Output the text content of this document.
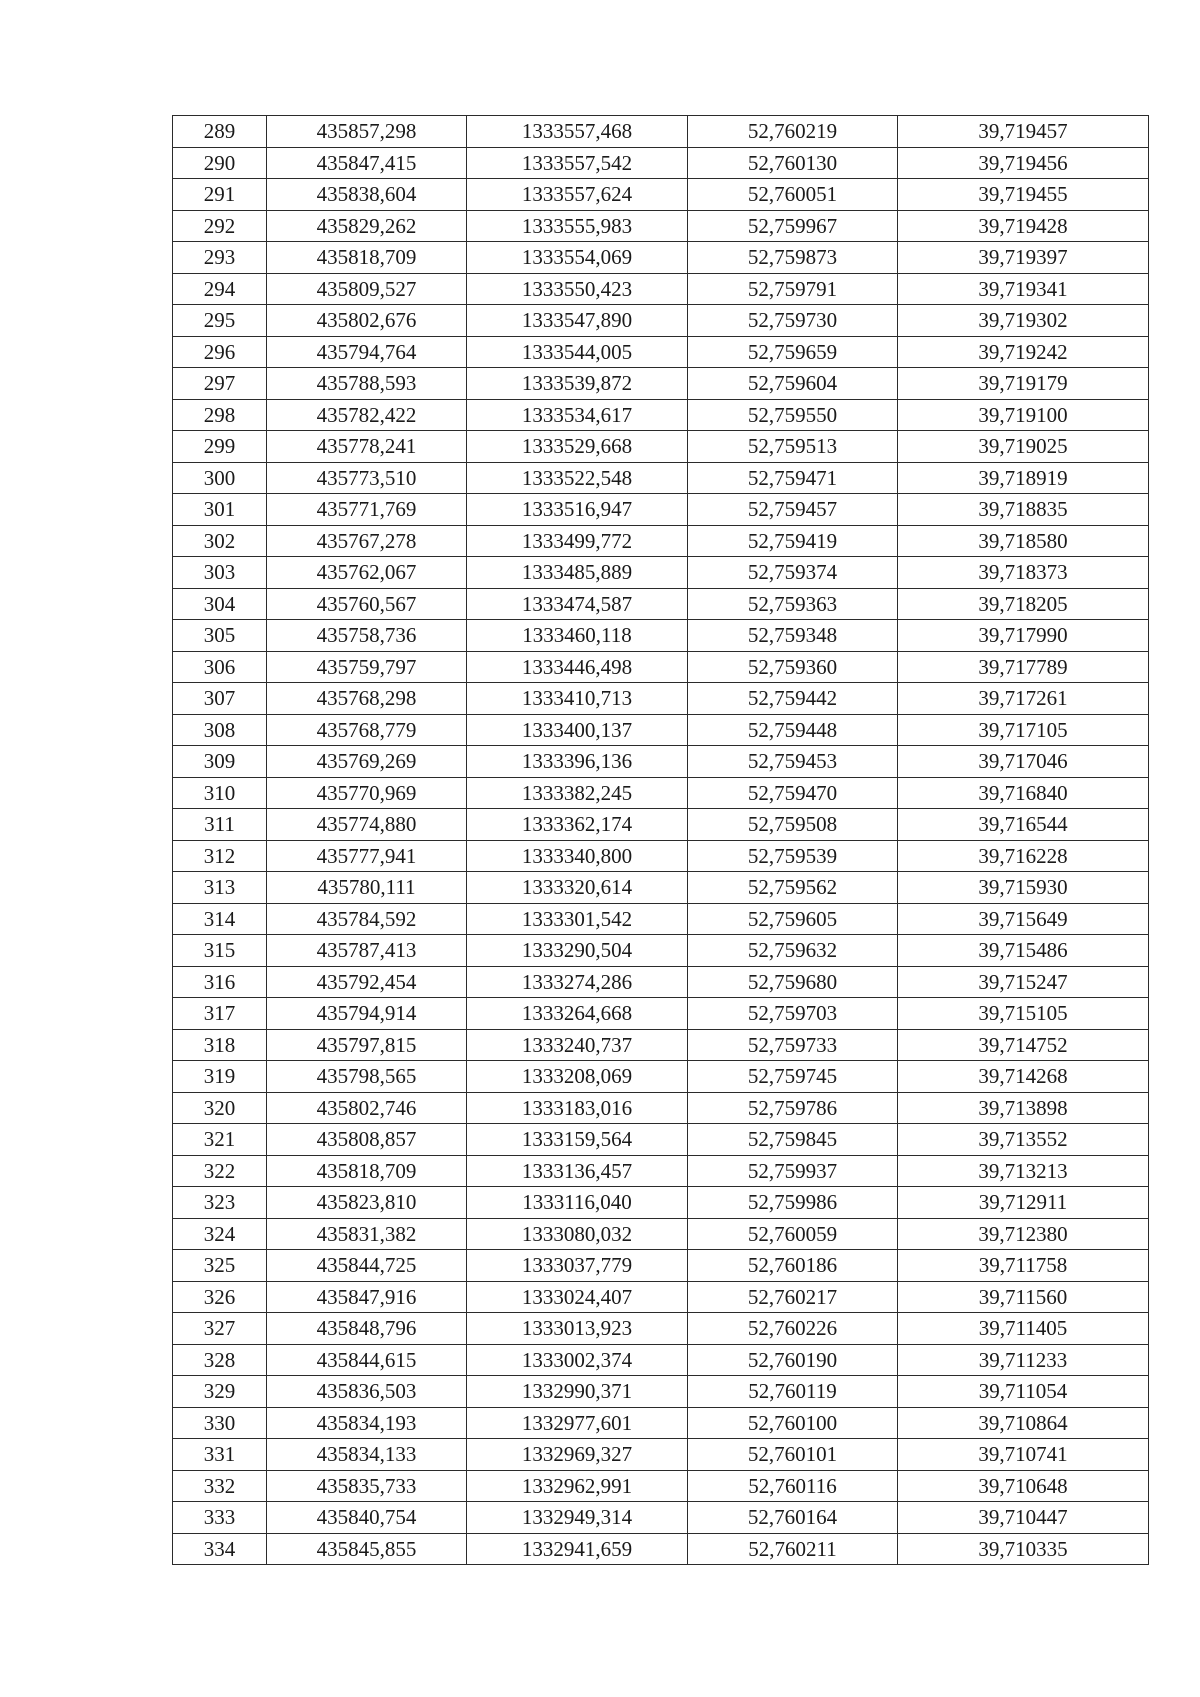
289	435857,298	1333557,468	52,760219	39,719457
290	435847,415	1333557,542	52,760130	39,719456
291	435838,604	1333557,624	52,760051	39,719455
292	435829,262	1333555,983	52,759967	39,719428
293	435818,709	1333554,069	52,759873	39,719397
294	435809,527	1333550,423	52,759791	39,719341
295	435802,676	1333547,890	52,759730	39,719302
296	435794,764	1333544,005	52,759659	39,719242
297	435788,593	1333539,872	52,759604	39,719179
298	435782,422	1333534,617	52,759550	39,719100
299	435778,241	1333529,668	52,759513	39,719025
300	435773,510	1333522,548	52,759471	39,718919
301	435771,769	1333516,947	52,759457	39,718835
302	435767,278	1333499,772	52,759419	39,718580
303	435762,067	1333485,889	52,759374	39,718373
304	435760,567	1333474,587	52,759363	39,718205
305	435758,736	1333460,118	52,759348	39,717990
306	435759,797	1333446,498	52,759360	39,717789
307	435768,298	1333410,713	52,759442	39,717261
308	435768,779	1333400,137	52,759448	39,717105
309	435769,269	1333396,136	52,759453	39,717046
310	435770,969	1333382,245	52,759470	39,716840
311	435774,880	1333362,174	52,759508	39,716544
312	435777,941	1333340,800	52,759539	39,716228
313	435780,111	1333320,614	52,759562	39,715930
314	435784,592	1333301,542	52,759605	39,715649
315	435787,413	1333290,504	52,759632	39,715486
316	435792,454	1333274,286	52,759680	39,715247
317	435794,914	1333264,668	52,759703	39,715105
318	435797,815	1333240,737	52,759733	39,714752
319	435798,565	1333208,069	52,759745	39,714268
320	435802,746	1333183,016	52,759786	39,713898
321	435808,857	1333159,564	52,759845	39,713552
322	435818,709	1333136,457	52,759937	39,713213
323	435823,810	1333116,040	52,759986	39,712911
324	435831,382	1333080,032	52,760059	39,712380
325	435844,725	1333037,779	52,760186	39,711758
326	435847,916	1333024,407	52,760217	39,711560
327	435848,796	1333013,923	52,760226	39,711405
328	435844,615	1333002,374	52,760190	39,711233
329	435836,503	1332990,371	52,760119	39,711054
330	435834,193	1332977,601	52,760100	39,710864
331	435834,133	1332969,327	52,760101	39,710741
332	435835,733	1332962,991	52,760116	39,710648
333	435840,754	1332949,314	52,760164	39,710447
334	435845,855	1332941,659	52,760211	39,710335
